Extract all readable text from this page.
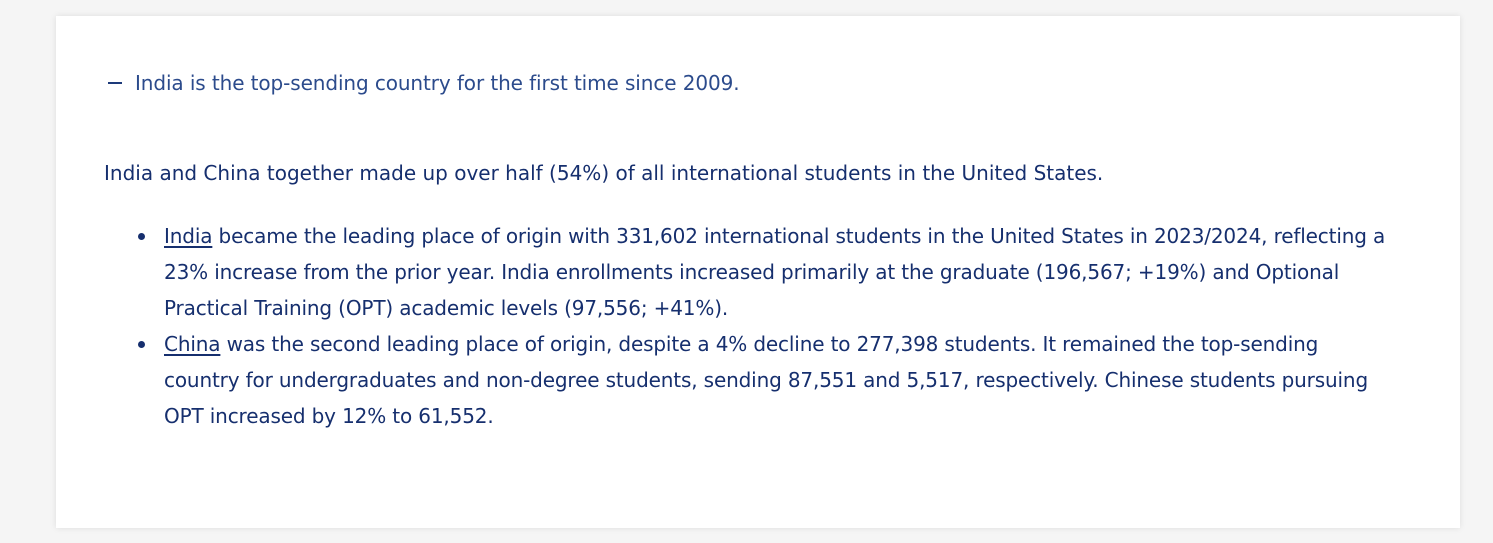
India is the top-sending country for the first time since 2009.

India and China together made up over half (54%) of all international students in the United States.

India became the leading place of origin with 331,602 international students in the United States in 2023/2024, reflecting a 23% increase from the prior year. India enrollments increased primarily at the graduate (196,567; +19%) and Optional Practical Training (OPT) academic levels (97,556; +41%).
China was the second leading place of origin, despite a 4% decline to 277,398 students. It remained the top-sending country for undergraduates and non-degree students, sending 87,551 and 5,517, respectively. Chinese students pursuing OPT increased by 12% to 61,552.
